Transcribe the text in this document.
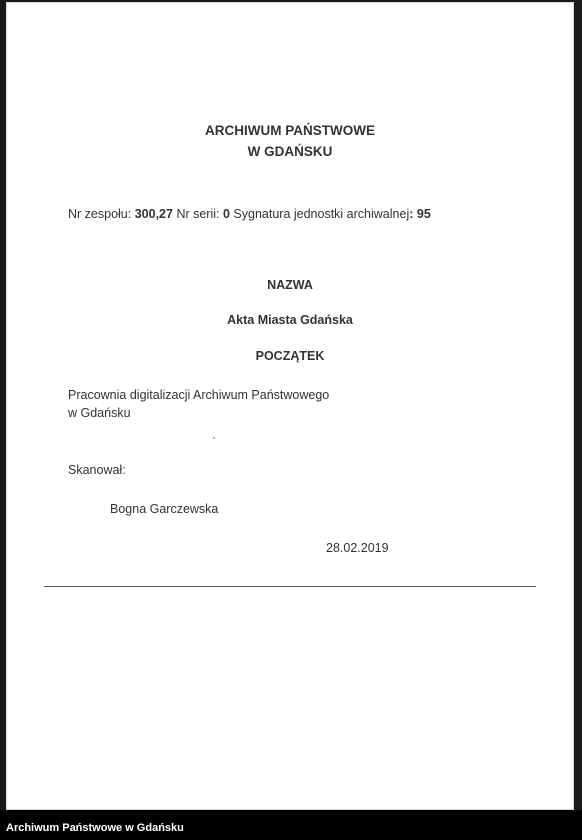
ARCHIWUM PAŃSTWOWE
W GDAŃSKU
Nr zespołu: 300,27 Nr serii: 0 Sygnatura jednostki archiwalnej: 95
NAZWA
Akta Miasta Gdańska
POCZĄTEK
Pracownia digitalizacji Archiwum Państwowego
w Gdańsku
Skanował:
Bogna Garczewska
28.02.2019
Archiwum Państwowe w Gdańsku
